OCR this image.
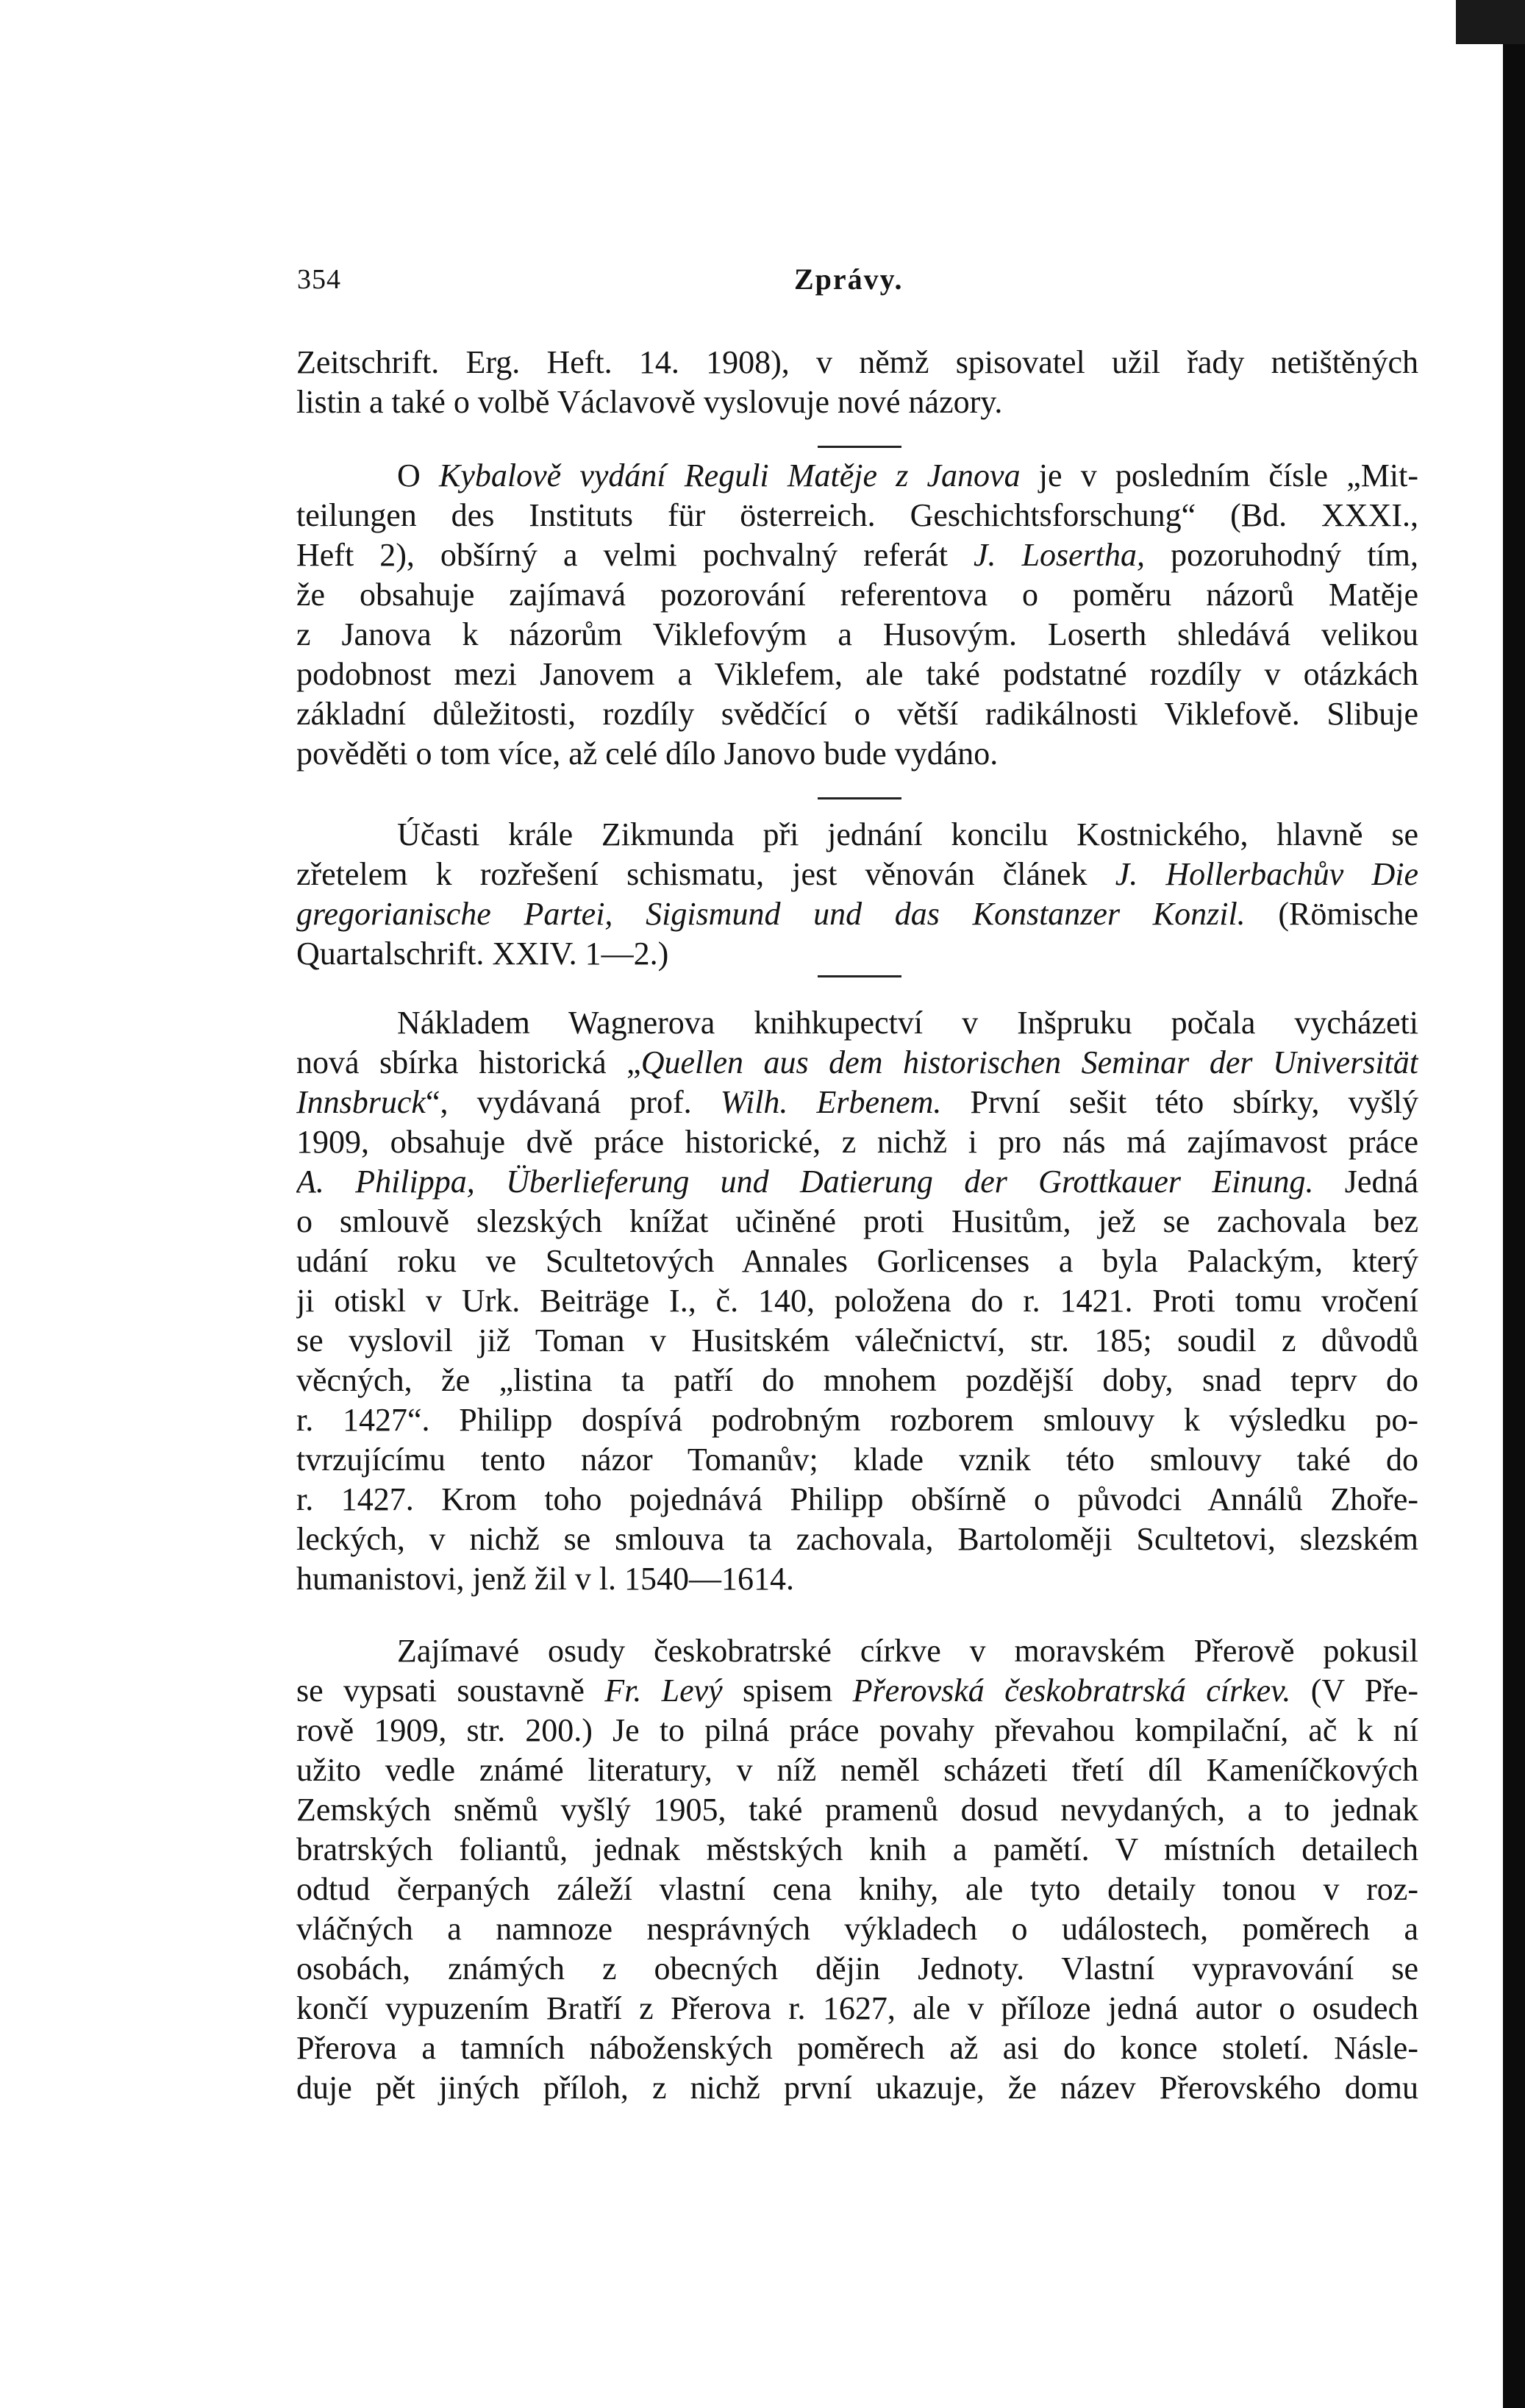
354	Zprávy.
Zeitschrift. Erg. Heft. 14. 1908), v němž spisovatel užil řady netištěných
listin a také o volbě Václavově vyslovuje nové názory.
O Kybalově vydání Reguli Matěje z Janova je v posledním čísle „Mit-
teilungen des Instituts für österreich. Geschichtsforschung“ (Bd. XXXI.,
Heft 2), obšírný a velmi pochvalný referát J. Losertha, pozoruhodný tím,
že obsahuje zajímavá pozorování referentova o poměru názorů Matěje
z Janova k názorům Viklefovým a Husovým. Loserth shledává velikou
podobnost mezi Janovem a Viklefem, ale také podstatné rozdíly v otázkách
základní důležitosti, rozdíly svědčící o větší radikálnosti Viklefově. Slibuje
pověděti o tom více, až celé dílo Janovo bude vydáno.
Účasti krále Zikmunda při jednání koncilu Kostnického, hlavně se
zřetelem k rozřešení schismatu, jest věnován článek J. Hollerbachův Die
gregorianische Partei, Sigismund und das Konstanzer Konzil. (Römische
Quartalschrift. XXIV. 1—2.)
Nákladem Wagnerova knihkupectví v Inšpruku počala vycházeti
nová sbírka historická „Quellen aus dem historischen Seminar der Universität
Innsbruck“, vydávaná prof. Wilh. Erbenem. První sešit této sbírky, vyšlý
1909, obsahuje dvě práce historické, z nichž i pro nás má zajímavost práce
A. Philippa, Überlieferung und Datierung der Grottkauer Einung. Jedná
o smlouvě slezských knížat učiněné proti Husitům, jež se zachovala bez
udání roku ve Scultetových Annales Gorlicenses a byla Palackým, který
ji otiskl v Urk. Beiträge I., č. 140, položena do r. 1421. Proti tomu vročení
se vyslovil již Toman v Husitském válečnictví, str. 185; soudil z důvodů
věcných, že „listina ta patří do mnohem pozdější doby, snad teprv do
r. 1427“. Philipp dospívá podrobným rozborem smlouvy k výsledku po-
tvrzujícímu tento názor Tomanův; klade vznik této smlouvy také do
r. 1427. Krom toho pojednává Philipp obšírně o původci Annálů Zhoře-
leckých, v nichž se smlouva ta zachovala, Bartoloměji Scultetovi, slezském
humanistovi, jenž žil v l. 1540—1614.
Zajímavé osudy českobratrské církve v moravském Přerově pokusil
se vypsati soustavně Fr. Levý spisem Přerovská českobratrská církev. (V Pře-
rově 1909, str. 200.) Je to pilná práce povahy převahou kompilační, ač k ní
užito vedle známé literatury, v níž neměl scházeti třetí díl Kameníčkových
Zemských sněmů vyšlý 1905, také pramenů dosud nevydaných, a to jednak
bratrských foliantů, jednak městských knih a pamětí. V místních detailech
odtud čerpaných záleží vlastní cena knihy, ale tyto detaily tonou v roz-
vláčných a namnoze nesprávných výkladech o událostech, poměrech a
osobách, známých z obecných dějin Jednoty. Vlastní vypravování se
končí vypuzením Bratří z Přerova r. 1627, ale v příloze jedná autor o osudech
Přerova a tamních náboženských poměrech až asi do konce století. Násle-
duje pět jiných příloh, z nichž první ukazuje, že název Přerovského domu
